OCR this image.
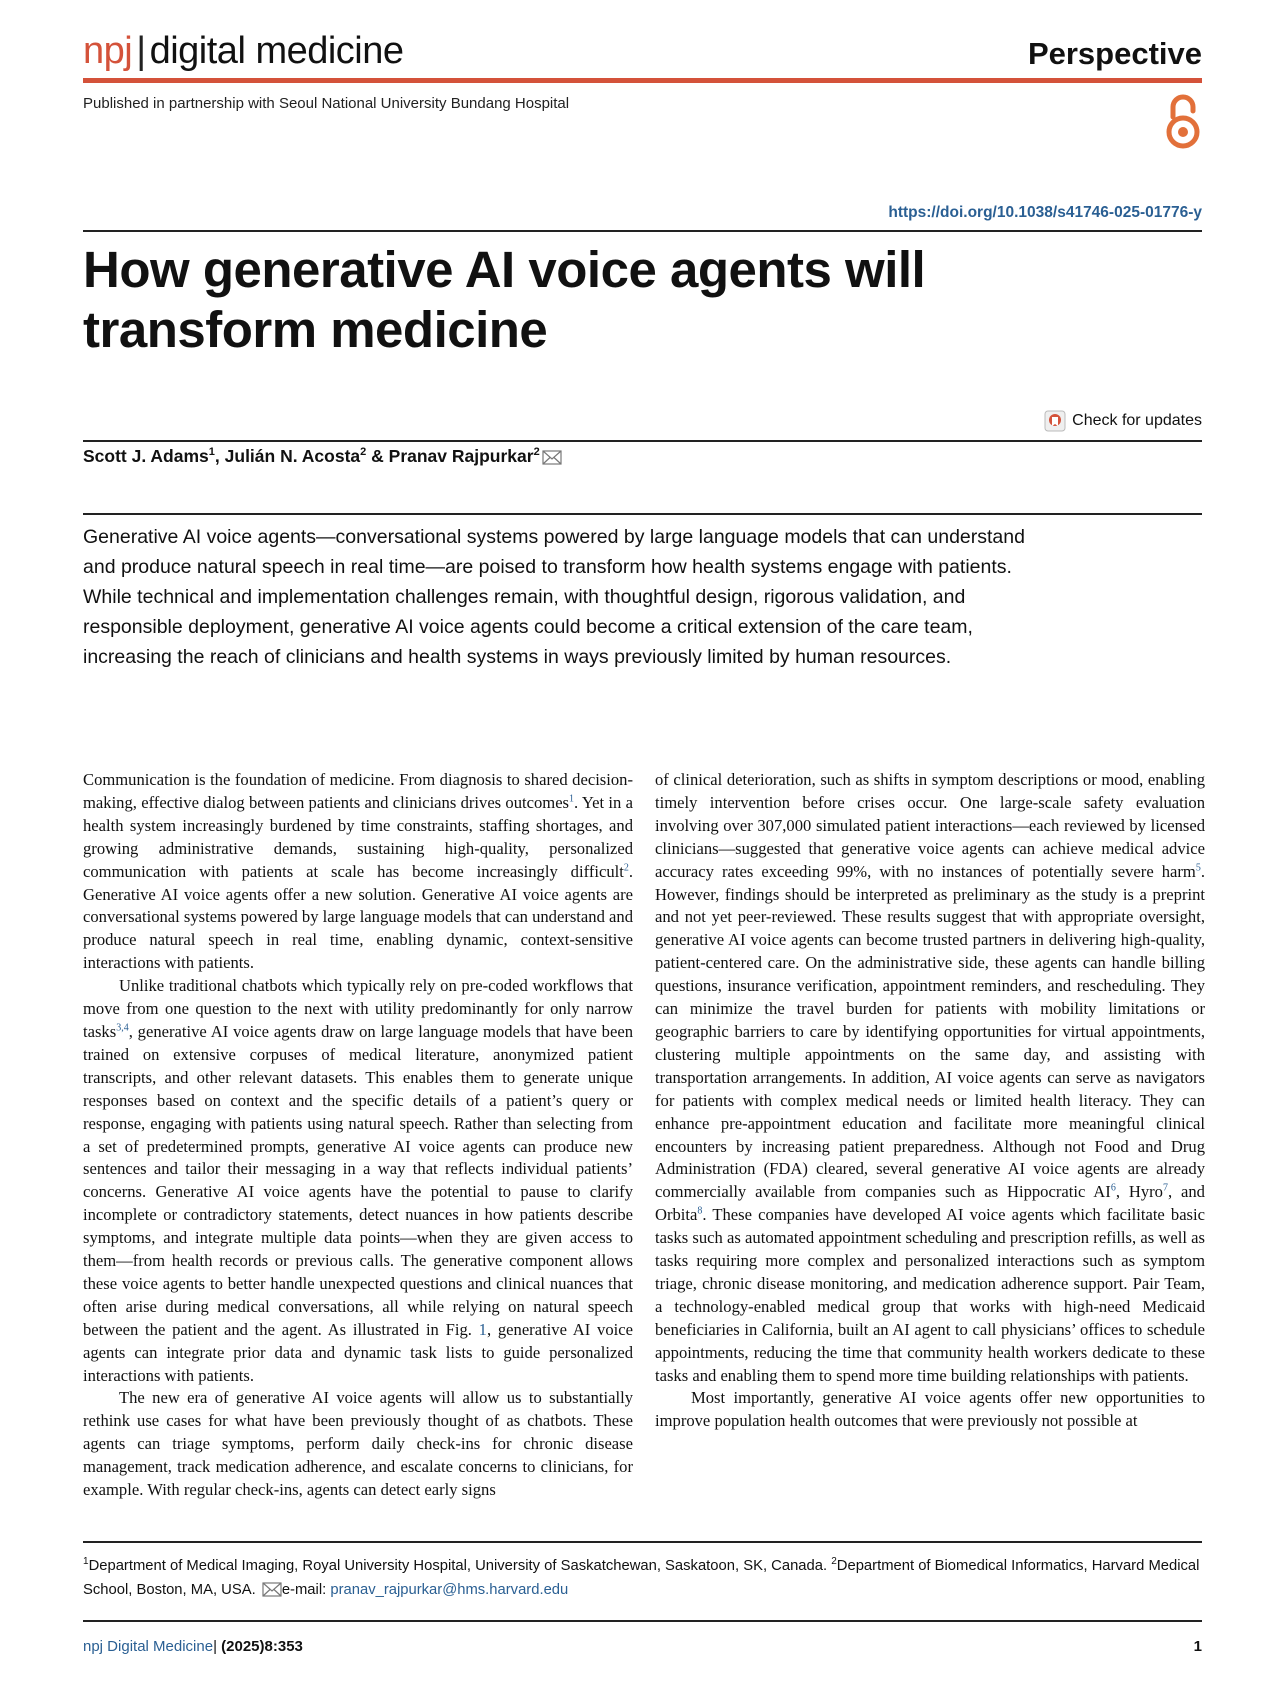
npj | digital medicine	Perspective
Published in partnership with Seoul National University Bundang Hospital
https://doi.org/10.1038/s41746-025-01776-y
How generative AI voice agents will transform medicine
Check for updates
Scott J. Adams$^1$, Julián N. Acosta$^2$ & Pranav Rajpurkar$^2$

Generative AI voice agents—conversational systems powered by large language models that can understand and produce natural speech in real time—are poised to transform how health systems engage with patients. While technical and implementation challenges remain, with thoughtful design, rigorous validation, and responsible deployment, generative AI voice agents could become a critical extension of the care team, increasing the reach of clinicians and health systems in ways previously limited by human resources.

Communication is the foundation of medicine. From diagnosis to shared decision-making, effective dialog between patients and clinicians drives outcomes$^1$. Yet in a health system increasingly burdened by time constraints, staffing shortages, and growing administrative demands, sustaining high-quality, personalized communication with patients at scale has become increasingly difficult$^2$. Generative AI voice agents offer a new solution. Generative AI voice agents are conversational systems powered by large language models that can understand and produce natural speech in real time, enabling dynamic, context-sensitive interactions with patients.

Unlike traditional chatbots which typically rely on pre-coded workflows that move from one question to the next with utility predominantly for only narrow tasks$^{3,4}$, generative AI voice agents draw on large language models that have been trained on extensive corpuses of medical literature, anonymized patient transcripts, and other relevant datasets. This enables them to generate unique responses based on context and the specific details of a patient’s query or response, engaging with patients using natural speech. Rather than selecting from a set of predetermined prompts, generative AI voice agents can produce new sentences and tailor their messaging in a way that reflects individual patients’ concerns. Generative AI voice agents have the potential to pause to clarify incomplete or contradictory statements, detect nuances in how patients describe symptoms, and integrate multiple data points—when they are given access to them—from health records or previous calls. The generative component allows these voice agents to better handle unexpected questions and clinical nuances that often arise during medical conversations, all while relying on natural speech between the patient and the agent. As illustrated in Fig. 1, generative AI voice agents can integrate prior data and dynamic task lists to guide personalized interactions with patients.

The new era of generative AI voice agents will allow us to substantially rethink use cases for what have been previously thought of as chatbots. These agents can triage symptoms, perform daily check-ins for chronic disease management, track medication adherence, and escalate concerns to clinicians, for example. With regular check-ins, agents can detect early signs

of clinical deterioration, such as shifts in symptom descriptions or mood, enabling timely intervention before crises occur. One large-scale safety evaluation involving over 307,000 simulated patient interactions—each reviewed by licensed clinicians—suggested that generative voice agents can achieve medical advice accuracy rates exceeding 99%, with no instances of potentially severe harm$^5$. However, findings should be interpreted as preliminary as the study is a preprint and not yet peer-reviewed. These results suggest that with appropriate oversight, generative AI voice agents can become trusted partners in delivering high-quality, patient-centered care. On the administrative side, these agents can handle billing questions, insurance verification, appointment reminders, and rescheduling. They can minimize the travel burden for patients with mobility limitations or geographic barriers to care by identifying opportunities for virtual appointments, clustering multiple appointments on the same day, and assisting with transportation arrangements. In addition, AI voice agents can serve as navigators for patients with complex medical needs or limited health literacy. They can enhance pre-appointment education and facilitate more meaningful clinical encounters by increasing patient preparedness. Although not Food and Drug Administration (FDA) cleared, several generative AI voice agents are already commercially available from companies such as Hippocratic $AI^6$, Hyro$^7$, and Orbita$^8$. These companies have developed AI voice agents which facilitate basic tasks such as automated appointment scheduling and prescription refills, as well as tasks requiring more complex and personalized interactions such as symptom triage, chronic disease monitoring, and medication adherence support. Pair Team, a technology-enabled medical group that works with high-need Medicaid beneficiaries in California, built an AI agent to call physicians’ offices to schedule appointments, reducing the time that community health workers dedicate to these tasks and enabling them to spend more time building relationships with patients.

Most importantly, generative AI voice agents offer new opportunities to improve population health outcomes that were previously not possible at

$^1$Department of Medical Imaging, Royal University Hospital, University of Saskatchewan, Saskatoon, SK, Canada. $^2$Department of Biomedical Informatics, Harvard Medical School, Boston, MA, USA. e-mail: pranav_rajpurkar@hms.harvard.edu
npj Digital Medicine| (2025)8:353	1
